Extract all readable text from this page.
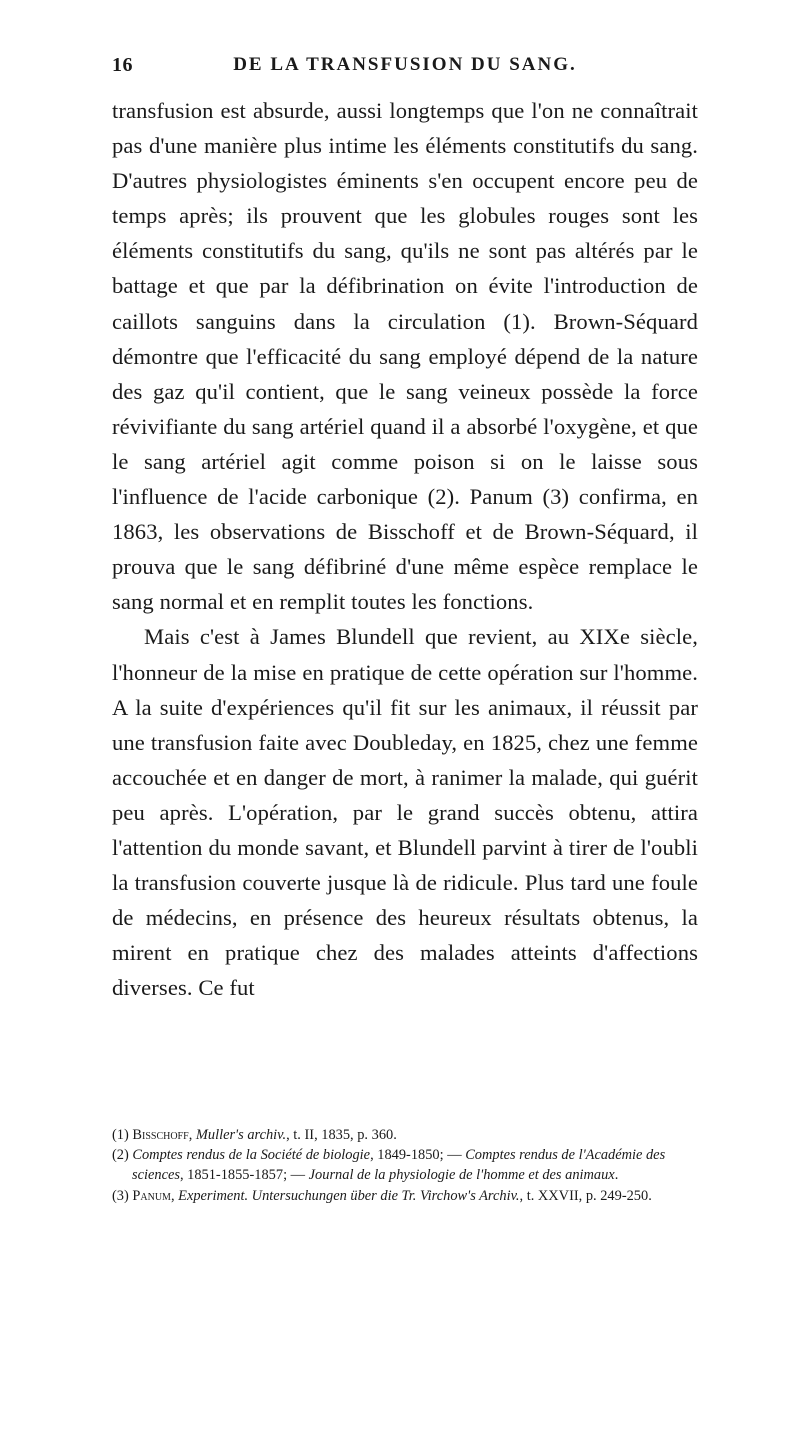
16	DE LA TRANSFUSION DU SANG.

transfusion est absurde, aussi longtemps que l'on ne connaîtrait pas d'une manière plus intime les éléments constitutifs du sang. D'autres physiologistes éminents s'en occupent encore peu de temps après; ils prouvent que les globules rouges sont les éléments constitutifs du sang, qu'ils ne sont pas altérés par le battage et que par la défibrination on évite l'introduction de caillots sanguins dans la circulation (1). Brown-Séquard démontre que l'efficacité du sang employé dépend de la nature des gaz qu'il contient, que le sang veineux possède la force révivifiante du sang artériel quand il a absorbé l'oxygène, et que le sang artériel agit comme poison si on le laisse sous l'influence de l'acide carbonique (2). Panum (3) confirma, en 1863, les observations de Bisschoff et de Brown-Séquard, il prouva que le sang défibriné d'une même espèce remplace le sang normal et en remplit toutes les fonctions.

Mais c'est à James Blundell que revient, au XIXe siècle, l'honneur de la mise en pratique de cette opération sur l'homme. A la suite d'expériences qu'il fit sur les animaux, il réussit par une transfusion faite avec Doubleday, en 1825, chez une femme accouchée et en danger de mort, à ranimer la malade, qui guérit peu après. L'opération, par le grand succès obtenu, attira l'attention du monde savant, et Blundell parvint à tirer de l'oubli la transfusion couverte jusque là de ridicule. Plus tard une foule de médecins, en présence des heureux résultats obtenus, la mirent en pratique chez des malades atteints d'affections diverses. Ce fut

(1) Bisschoff, Muller's archiv., t. II, 1835, p. 360.

(2) Comptes rendus de la Société de biologie, 1849-1850; — Comptes rendus de l'Académie des sciences, 1851-1855-1857; — Journal de la physiologie de l'homme et des animaux.

(3) Panum, Experiment. Untersuchungen über die Tr. Virchow's Archiv., t. XXVII, p. 249-250.
